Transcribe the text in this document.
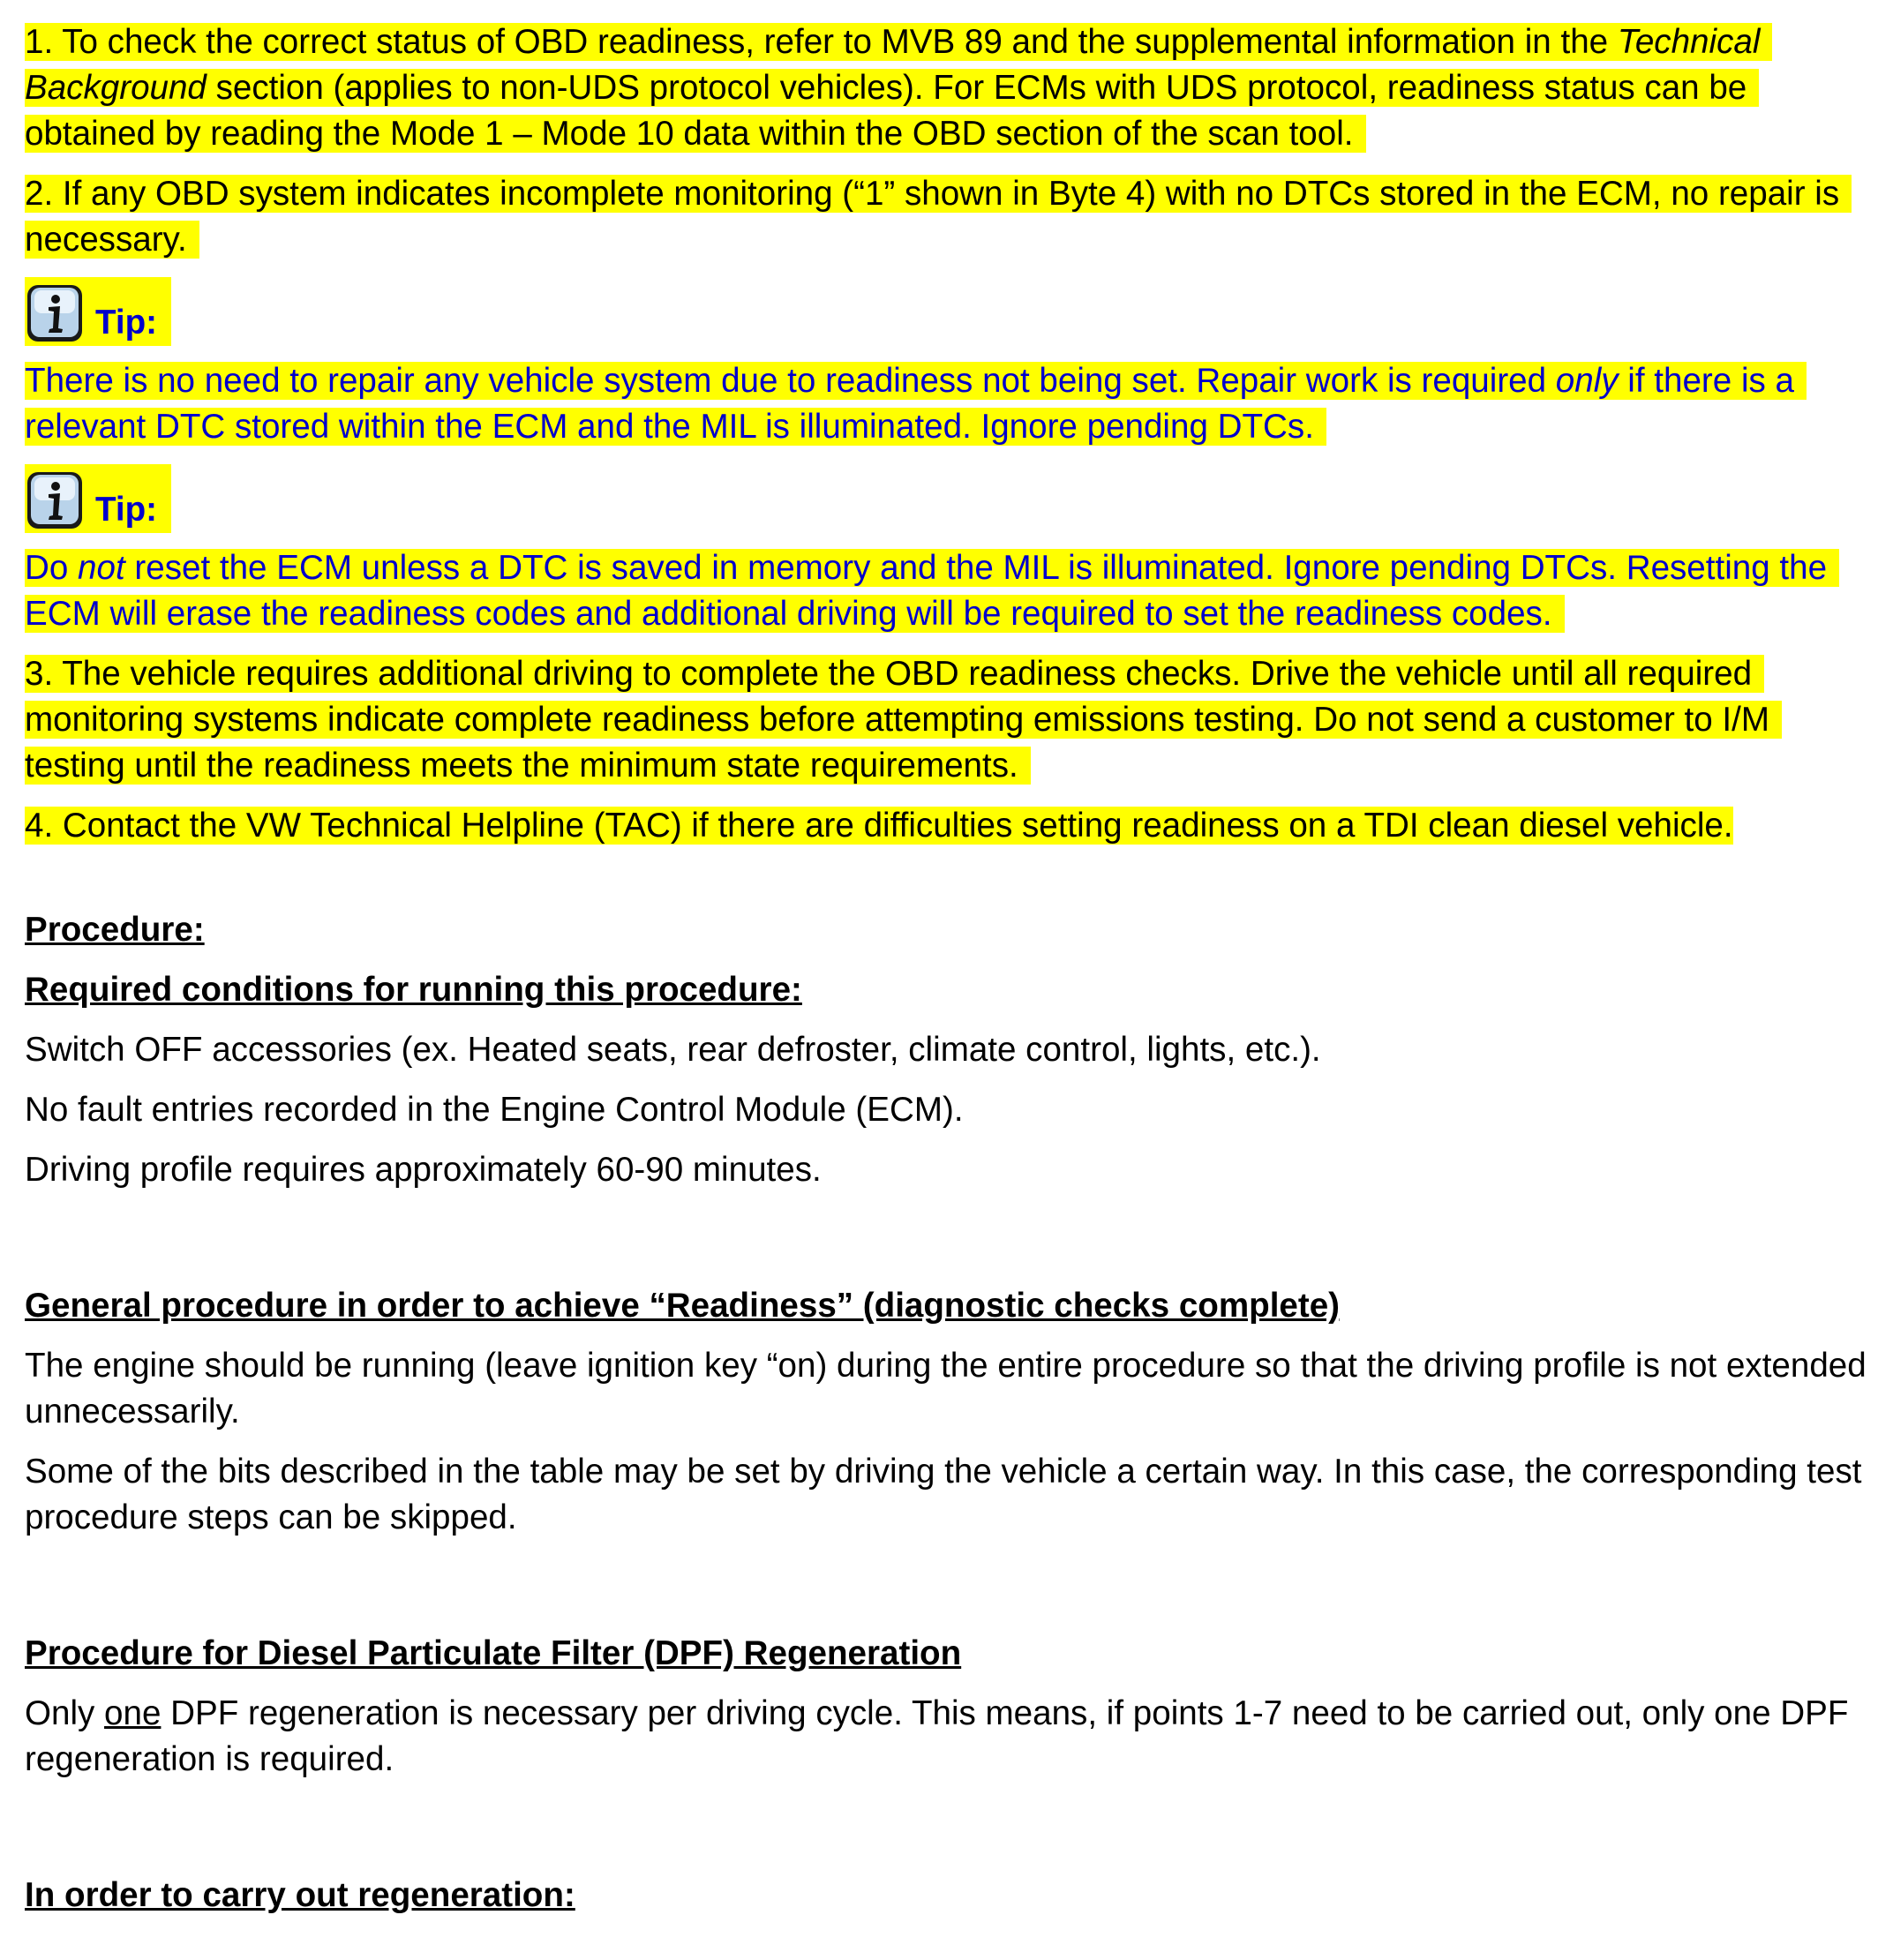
1. To check the correct status of OBD readiness, refer to MVB 89 and the supplemental information in the Technical Background section (applies to non-UDS protocol vehicles). For ECMs with UDS protocol, readiness status can be obtained by reading the Mode 1 – Mode 10 data within the OBD section of the scan tool.

2. If any OBD system indicates incomplete monitoring (“1” shown in Byte 4) with no DTCs stored in the ECM, no repair is necessary.

Tip:

There is no need to repair any vehicle system due to readiness not being set. Repair work is required only if there is a relevant DTC stored within the ECM and the MIL is illuminated. Ignore pending DTCs.

Tip:

Do not reset the ECM unless a DTC is saved in memory and the MIL is illuminated. Ignore pending DTCs. Resetting the ECM will erase the readiness codes and additional driving will be required to set the readiness codes.

3. The vehicle requires additional driving to complete the OBD readiness checks. Drive the vehicle until all required monitoring systems indicate complete readiness before attempting emissions testing. Do not send a customer to I/M testing until the readiness meets the minimum state requirements.

4. Contact the VW Technical Helpline (TAC) if there are difficulties setting readiness on a TDI clean diesel vehicle.

Procedure:

Required conditions for running this procedure:

Switch OFF accessories (ex. Heated seats, rear defroster, climate control, lights, etc.).

No fault entries recorded in the Engine Control Module (ECM).

Driving profile requires approximately 60-90 minutes.

General procedure in order to achieve “Readiness” (diagnostic checks complete)

The engine should be running (leave ignition key “on) during the entire procedure so that the driving profile is not extended unnecessarily.

Some of the bits described in the table may be set by driving the vehicle a certain way. In this case, the corresponding test procedure steps can be skipped.

Procedure for Diesel Particulate Filter (DPF) Regeneration

Only one DPF regeneration is necessary per driving cycle. This means, if points 1-7 need to be carried out, only one DPF regeneration is required.

In order to carry out regeneration:
